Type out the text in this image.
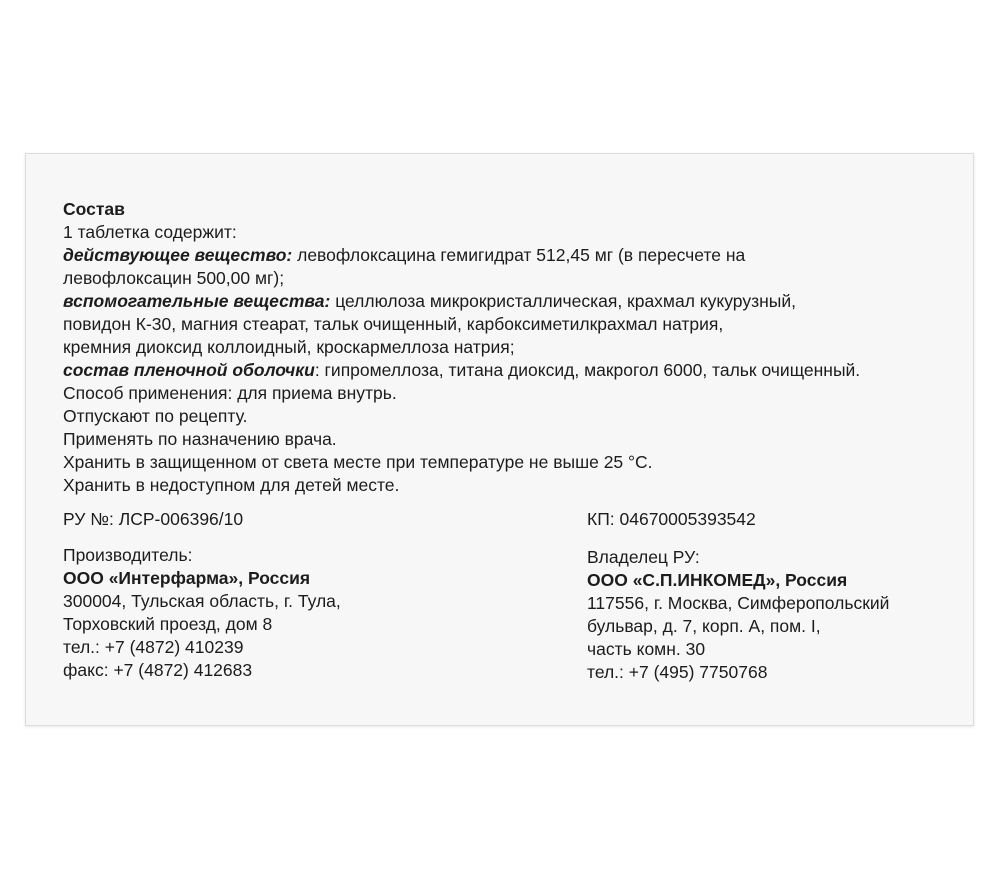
Состав
1 таблетка содержит:
действующее вещество: левофлоксацина гемигидрат 512,45 мг (в пересчете на
левофлоксацин 500,00 мг);
вспомогательные вещества: целлюлоза микрокристаллическая, крахмал кукурузный,
повидон К-30, магния стеарат, тальк очищенный, карбоксиметилкрахмал натрия,
кремния диоксид коллоидный, кроскармеллоза натрия;
состав пленочной оболочки: гипромеллоза, титана диоксид, макрогол 6000, тальк очищенный.
Способ применения: для приема внутрь.
Отпускают по рецепту.
Применять по назначению врача.
Хранить в защищенном от света месте при температуре не выше 25 °С.
Хранить в недоступном для детей месте.
РУ №: ЛСР-006396/10
Производитель:
ООО «Интерфарма», Россия
300004, Тульская область, г. Тула,
Торховский проезд, дом 8
тел.: +7 (4872) 410239
факс: +7 (4872) 412683
КП: 04670005393542
Владелец РУ:
ООО «С.П.ИНКОМЕД», Россия
117556, г. Москва, Симферопольский
бульвар, д. 7, корп. А, пом. I,
часть комн. 30
тел.: +7 (495) 7750768
